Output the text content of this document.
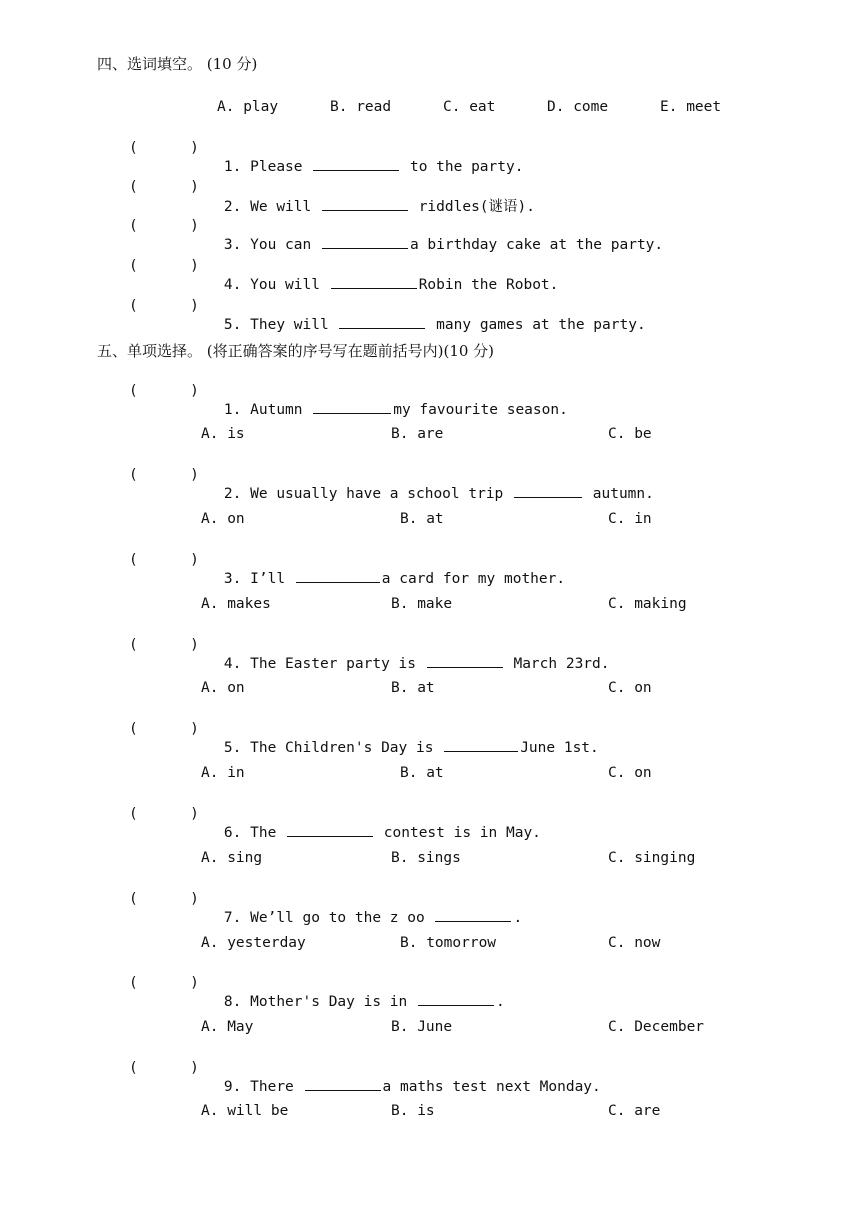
四、选词填空。 (10 分)
A. play	B. read	C. eat	D. come	E. meet
(      )

1. Please	to the party.

(      )

2. We will	riddles(谜语).

(      )

3. You can	a birthday cake at the party.

(      )

4. You will	Robin the Robot.

(      )

5. They will	many games at the party.

五、单项选择。 (将正确答案的序号写在题前括号内)(10 分)
(      )

1. Autumn	my favourite season.

A. is	B. are	C. be
(      )

2. We usually have a school trip	autumn.

A. on	B. at	C. in
(      )

3. I’ll	a card for my mother.

A. makes	B. make	C. making
(      )

4. The Easter party is	March 23rd.

A. on	B. at	C. on
(      )

5. The Children's Day is	June 1st.

A. in	B. at	C. on
(      )

6. The	contest is in May.

A. sing	B. sings	C. singing
(      )

7. We’ll go to the z oo	.

A. yesterday	B. tomorrow	C. now
(      )

8. Mother's Day is in	.

A. May	B. June	C. December
(      )

9. There	a maths test next Monday.

A. will be	B. is	C. are
